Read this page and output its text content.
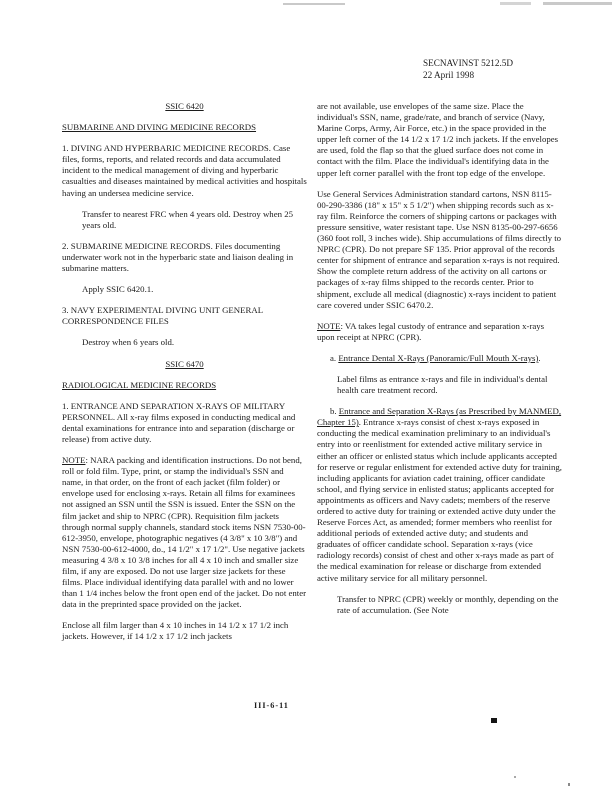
SECNAVINST 5212.5D
22 April 1998

SSIC 6420

SUBMARINE AND DIVING MEDICINE RECORDS

1. DIVING AND HYPERBARIC MEDICINE RECORDS. Case files, forms, reports, and related records and data accumulated incident to the medical management of diving and hyperbaric casualties and diseases maintained by medical activities and hospitals having an undersea medicine service.

Transfer to nearest FRC when 4 years old. Destroy when 25 years old.

2. SUBMARINE MEDICINE RECORDS. Files documenting underwater work not in the hyperbaric state and liaison dealing in submarine matters.

Apply SSIC 6420.1.

3. NAVY EXPERIMENTAL DIVING UNIT GENERAL CORRESPONDENCE FILES

Destroy when 6 years old.

SSIC 6470

RADIOLOGICAL MEDICINE RECORDS

1. ENTRANCE AND SEPARATION X-RAYS OF MILITARY PERSONNEL. All x-ray films exposed in conducting medical and dental examinations for entrance into and separation (discharge or release) from active duty.

NOTE: NARA packing and identification instructions. Do not bend, roll or fold film. Type, print, or stamp the individual's SSN and name, in that order, on the front of each jacket (film folder) or envelope used for enclosing x-rays. Retain all films for examinees not assigned an SSN until the SSN is issued. Enter the SSN on the film jacket and ship to NPRC (CPR). Requisition film jackets through normal supply channels, standard stock items NSN 7530-00-612-3950, envelope, photographic negatives (4 3/8" x 10 3/8") and NSN 7530-00-612-4000, do., 14 1/2" x 17 1/2". Use negative jackets measuring 4 3/8 x 10 3/8 inches for all 4 x 10 inch and smaller size film, if any are exposed. Do not use larger size jackets for these films. Place individual identifying data parallel with and no lower than 1 1/4 inches below the front open end of the jacket. Do not enter data in the preprinted space provided on the jacket.

Enclose all film larger than 4 x 10 inches in 14 1/2 x 17 1/2 inch jackets. However, if 14 1/2 x 17 1/2 inch jackets

are not available, use envelopes of the same size. Place the individual's SSN, name, grade/rate, and branch of service (Navy, Marine Corps, Army, Air Force, etc.) in the space provided in the upper left corner of the 14 1/2 x 17 1/2 inch jackets. If the envelopes are used, fold the flap so that the glued surface does not come in contact with the film. Place the individual's identifying data in the upper left corner parallel with the front top edge of the envelope.

Use General Services Administration standard cartons, NSN 8115-00-290-3386 (18" x 15" x 5 1/2") when shipping records such as x-ray film. Reinforce the corners of shipping cartons or packages with pressure sensitive, water resistant tape. Use NSN 8135-00-297-6656 (360 foot roll, 3 inches wide). Ship accumulations of films directly to NPRC (CPR). Do not prepare SF 135. Prior approval of the records center for shipment of entrance and separation x-rays is not required. Show the complete return address of the activity on all cartons or packages of x-ray films shipped to the records center. Prior to shipment, exclude all medical (diagnostic) x-rays incident to patient care covered under SSIC 6470.2.

NOTE: VA takes legal custody of entrance and separation x-rays upon receipt at NPRC (CPR).

a. Entrance Dental X-Rays (Panoramic/Full Mouth X-rays).

Label films as entrance x-rays and file in individual's dental health care treatment record.

b. Entrance and Separation X-Rays (as Prescribed by MANMED, Chapter 15). Entrance x-rays consist of chest x-rays exposed in conducting the medical examination preliminary to an individual's entry into or reenlistment for extended active military service in either an officer or enlisted status which include applicants accepted for reserve or regular enlistment for extended active duty for training, including applicants for aviation cadet training, officer candidate school, and flying service in enlisted status; applicants accepted for appointments as officers and Navy cadets; members of the reserve ordered to active duty for training or extended active duty under the Reserve Forces Act, as amended; former members who reenlist for additional periods of extended active duty; and students and graduates of officer candidate school. Separation x-rays (vice radiology records) consist of chest and other x-rays made as part of the medical examination for release or discharge from extended active military service for all military personnel.

Transfer to NPRC (CPR) weekly or monthly, depending on the rate of accumulation. (See Note

III-6-11
